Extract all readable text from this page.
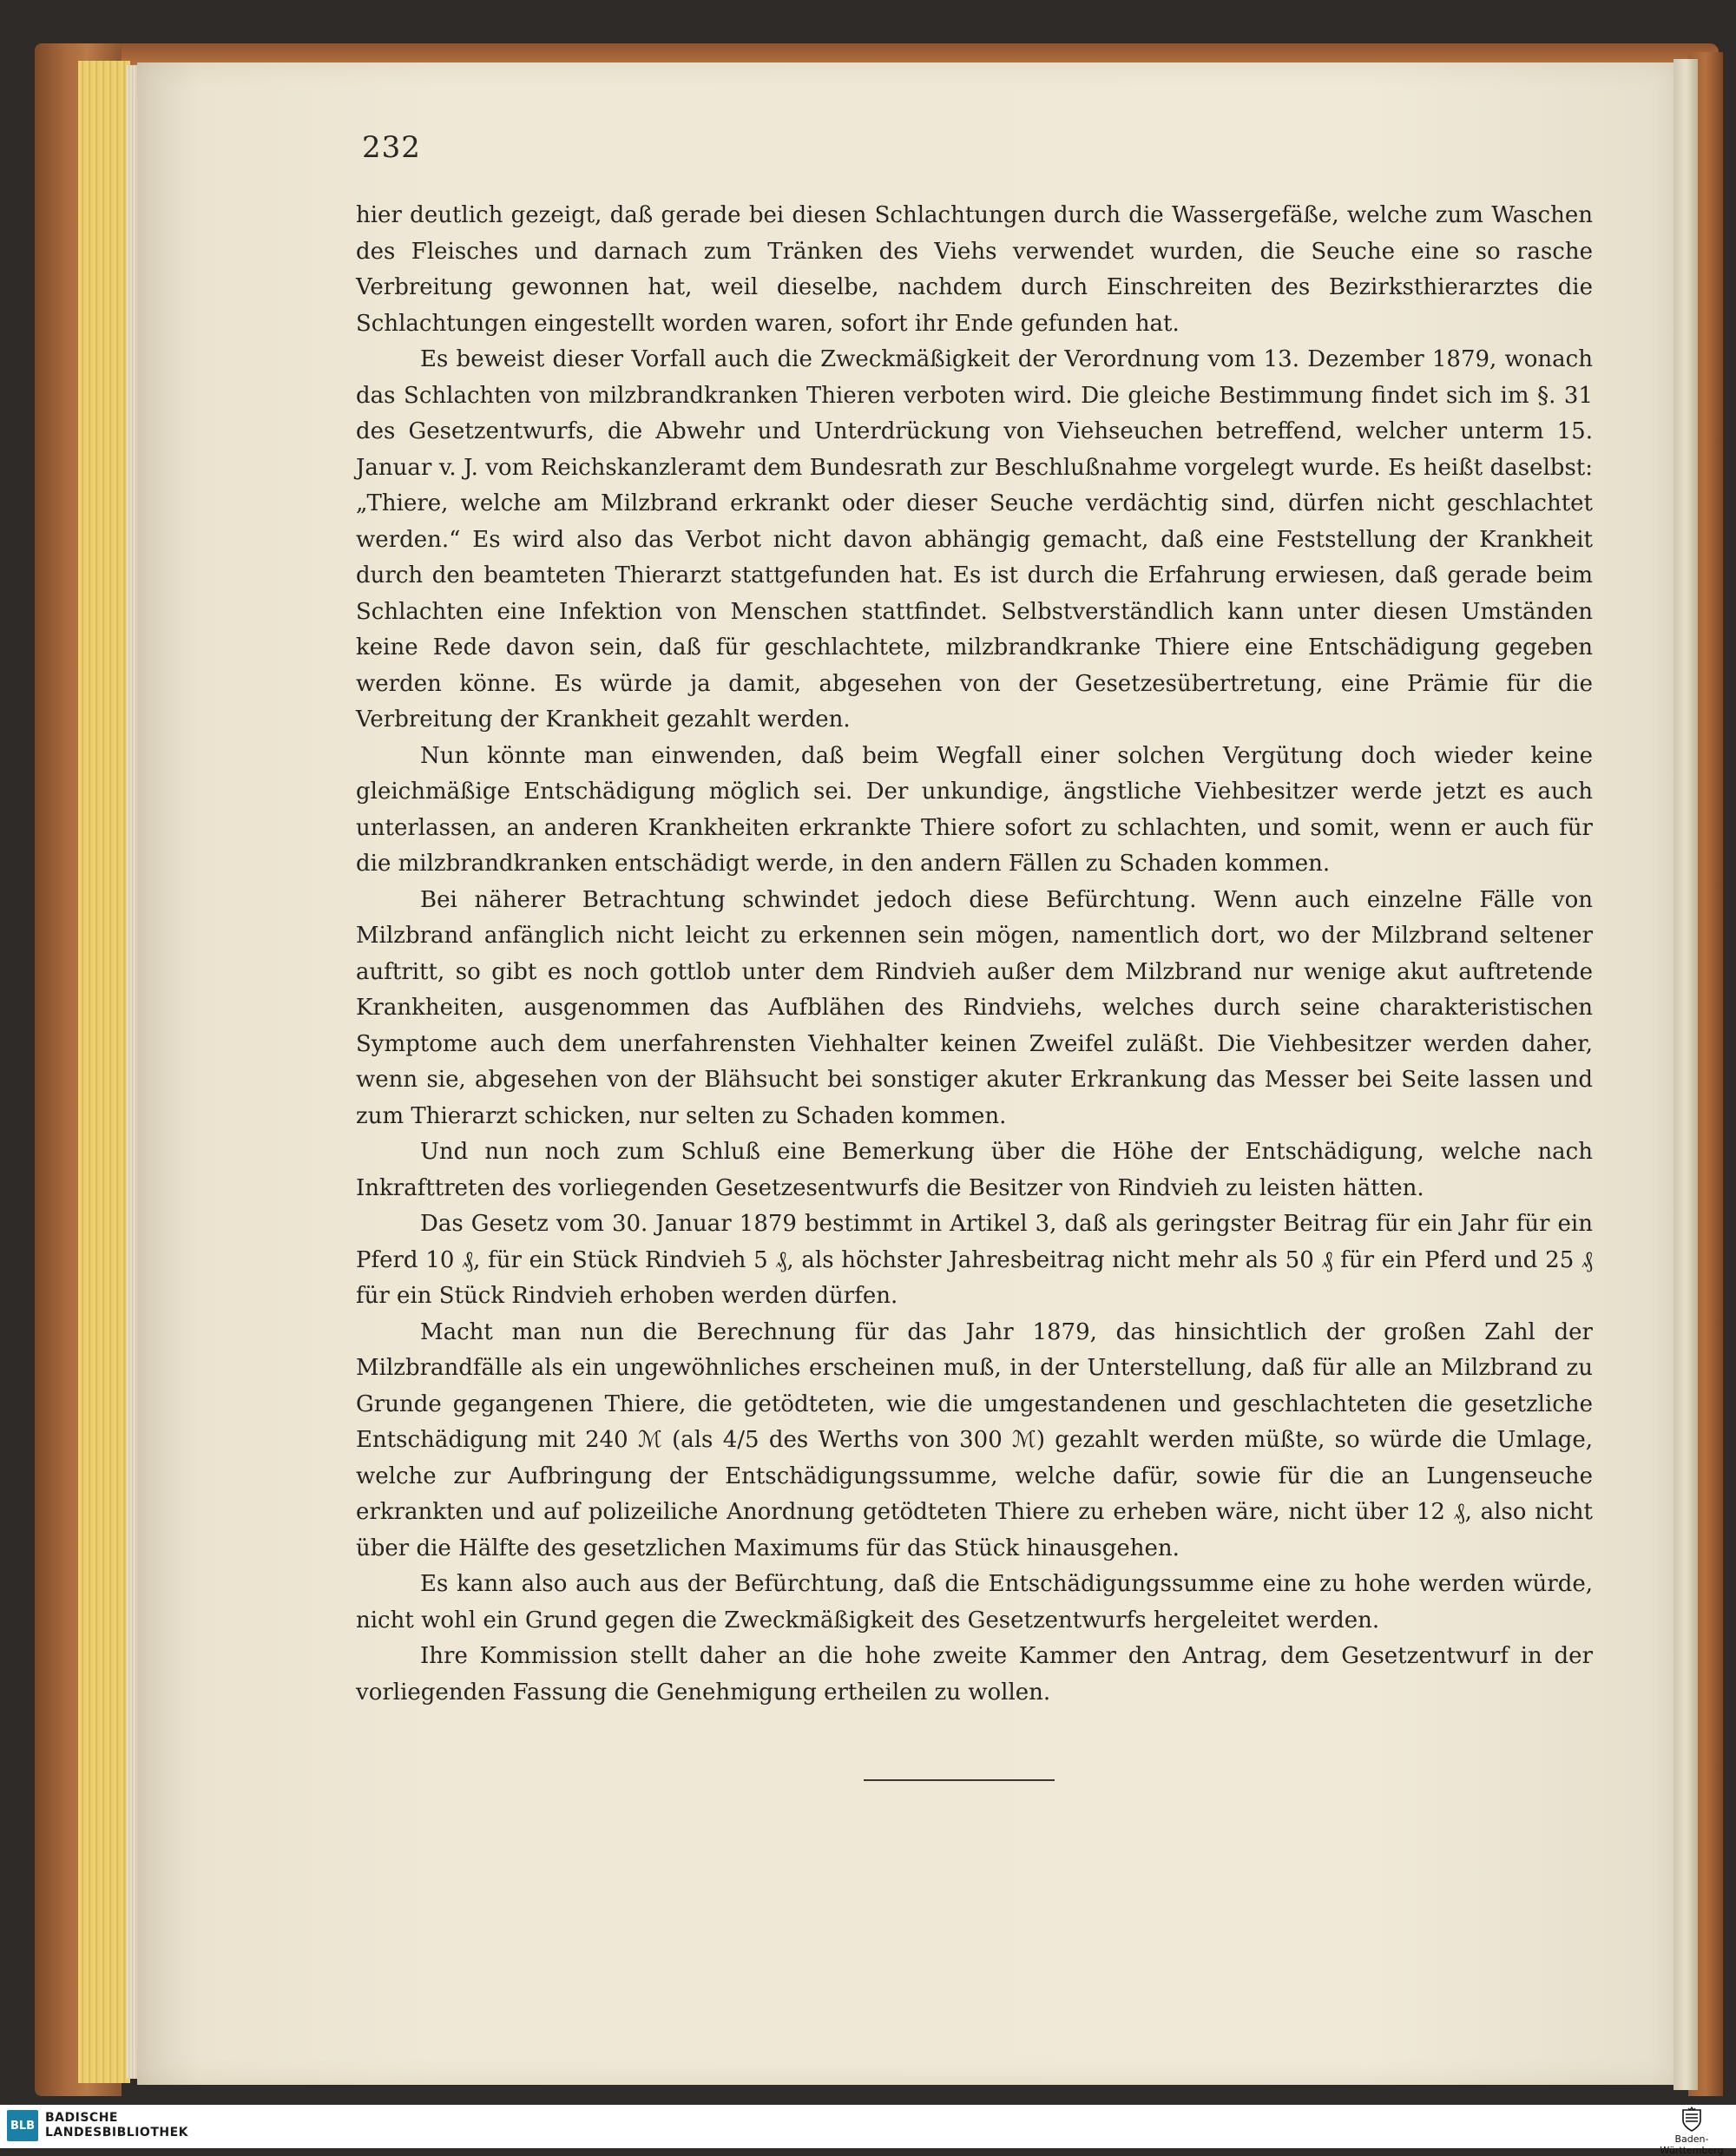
232

hier deutlich gezeigt, daß gerade bei diesen Schlachtungen durch die Wassergefäße, welche zum Waschen des Fleisches und darnach zum Tränken des Viehs verwendet wurden, die Seuche eine so rasche Verbreitung gewonnen hat, weil dieselbe, nachdem durch Einschreiten des Bezirksthierarztes die Schlachtungen eingestellt worden waren, sofort ihr Ende gefunden hat.

Es beweist dieser Vorfall auch die Zweckmäßigkeit der Verordnung vom 13. Dezember 1879, wonach das Schlachten von milzbrandkranken Thieren verboten wird. Die gleiche Bestimmung findet sich im §. 31 des Gesetzentwurfs, die Abwehr und Unterdrückung von Viehseuchen betreffend, welcher unterm 15. Januar v. J. vom Reichskanzleramt dem Bundesrath zur Beschlußnahme vorgelegt wurde. Es heißt daselbst: „Thiere, welche am Milzbrand erkrankt oder dieser Seuche verdächtig sind, dürfen nicht geschlachtet werden.“ Es wird also das Verbot nicht davon abhängig gemacht, daß eine Feststellung der Krankheit durch den beamteten Thierarzt stattgefunden hat. Es ist durch die Erfahrung erwiesen, daß gerade beim Schlachten eine Infektion von Menschen stattfindet. Selbstverständlich kann unter diesen Umständen keine Rede davon sein, daß für geschlachtete, milzbrandkranke Thiere eine Entschädigung gegeben werden könne. Es würde ja damit, abgesehen von der Gesetzesübertretung, eine Prämie für die Verbreitung der Krankheit gezahlt werden.

Nun könnte man einwenden, daß beim Wegfall einer solchen Vergütung doch wieder keine gleichmäßige Entschädigung möglich sei. Der unkundige, ängstliche Viehbesitzer werde jetzt es auch unterlassen, an anderen Krankheiten erkrankte Thiere sofort zu schlachten, und somit, wenn er auch für die milzbrandkranken entschädigt werde, in den andern Fällen zu Schaden kommen.

Bei näherer Betrachtung schwindet jedoch diese Befürchtung. Wenn auch einzelne Fälle von Milzbrand anfänglich nicht leicht zu erkennen sein mögen, namentlich dort, wo der Milzbrand seltener auftritt, so gibt es noch gottlob unter dem Rindvieh außer dem Milzbrand nur wenige akut auftretende Krankheiten, ausgenommen das Aufblähen des Rindviehs, welches durch seine charakteristischen Symptome auch dem unerfahrensten Viehhalter keinen Zweifel zuläßt. Die Viehbesitzer werden daher, wenn sie, abgesehen von der Blähsucht bei sonstiger akuter Erkrankung das Messer bei Seite lassen und zum Thierarzt schicken, nur selten zu Schaden kommen.

Und nun noch zum Schluß eine Bemerkung über die Höhe der Entschädigung, welche nach Inkrafttreten des vorliegenden Gesetzesentwurfs die Besitzer von Rindvieh zu leisten hätten.

Das Gesetz vom 30. Januar 1879 bestimmt in Artikel 3, daß als geringster Beitrag für ein Jahr für ein Pferd 10 ₰, für ein Stück Rindvieh 5 ₰, als höchster Jahresbeitrag nicht mehr als 50 ₰ für ein Pferd und 25 ₰ für ein Stück Rindvieh erhoben werden dürfen.

Macht man nun die Berechnung für das Jahr 1879, das hinsichtlich der großen Zahl der Milzbrandfälle als ein ungewöhnliches erscheinen muß, in der Unterstellung, daß für alle an Milzbrand zu Grunde gegangenen Thiere, die getödteten, wie die umgestandenen und geschlachteten die gesetzliche Entschädigung mit 240 ℳ (als 4/5 des Werths von 300 ℳ) gezahlt werden müßte, so würde die Umlage, welche zur Aufbringung der Entschädigungssumme, welche dafür, sowie für die an Lungenseuche erkrankten und auf polizeiliche Anordnung getödteten Thiere zu erheben wäre, nicht über 12 ₰, also nicht über die Hälfte des gesetzlichen Maximums für das Stück hinausgehen.

Es kann also auch aus der Befürchtung, daß die Entschädigungssumme eine zu hohe werden würde, nicht wohl ein Grund gegen die Zweckmäßigkeit des Gesetzentwurfs hergeleitet werden.

Ihre Kommission stellt daher an die hohe zweite Kammer den Antrag, dem Gesetzentwurf in der vorliegenden Fassung die Genehmigung ertheilen zu wollen.

BLB
BADISCHE
LANDESBIBLIOTHEK	Baden-Württemberg
